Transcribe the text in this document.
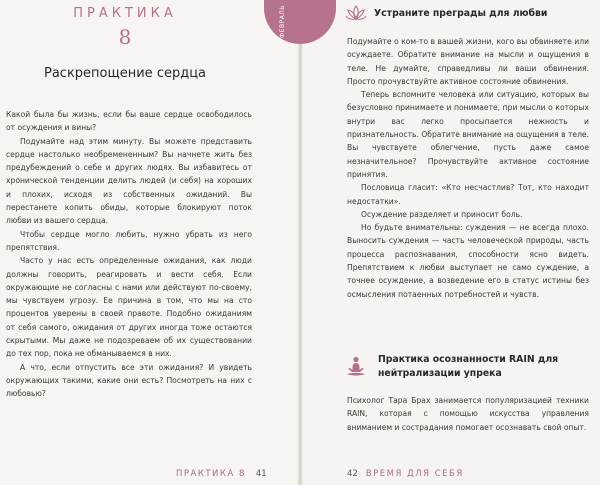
ПРАКТИКА
8
Раскрепощение сердца

Какой была бы жизнь, если бы ваше сердце освободилось от осуждения и вины?

Подумайте над этим минуту. Вы можете представить сердце настолько необремененным? Вы начнете жить без предубеждений о себе и других людях. Вы избавитесь от хронической тенденции делить людей (и себя) на хороших и плохих, исходя из собственных ожиданий. Вы перестанете копить обиды, которые блокируют поток любви из вашего сердца.

Чтобы сердце могло любить, нужно убрать из него препятствия.

Часто у нас есть определенные ожидания, как люди должны говорить, реагировать и вести себя. Если окружающие не согласны с нами или действуют по-своему, мы чувствуем угрозу. Ее причина в том, что мы на сто процентов уверены в своей правоте. Подобно ожиданиям от себя самого, ожидания от других иногда тоже остаются скрытыми. Мы даже не подозреваем об их существовании до тех пор, пока не обманываемся в них.

А что, если отпустить все эти ожидания? И увидеть окружающих такими, какие они есть? Посмотреть на них с любовью?

ПРАКТИКА 8 41
ФЕВРАЛЬ	Устраните преграды для любви

Подумайте о ком-то в вашей жизни, кого вы обвиняете или осуждаете. Обратите внимание на мысли и ощущения в теле. Не думайте, справедливы ли ваши обвинения. Просто прочувствуйте активное состояние обвинения.

Теперь вспомните человека или ситуацию, которых вы безусловно принимаете и понимаете, при мысли о которых внутри вас легко просыпается нежность и признательность. Обратите внимание на ощущения в теле. Вы чувствуете облегчение, пусть даже самое незначительное? Прочувствуйте активное состояние принятия.

Пословица гласит: «Кто несчастлив? Тот, кто находит недостатки».

Осуждение разделяет и приносит боль.

Но будьте внимательны: суждения — не всегда плохо. Выносить суждения — часть человеческой природы, часть процесса распознавания, способности ясно видеть. Препятствием к любви выступает не само суждение, а точнее осуждение, а возведение его в статус истины без осмысления потаенных потребностей и чувств.

Практика осознанности RAIN для нейтрализации упрека

Психолог Тара Брах занимается популяризацией техники RAIN, которая с помощью искусства управления вниманием и сострадания помогает осознавать свой опыт.

42 ВРЕМЯ ДЛЯ СЕБЯ
